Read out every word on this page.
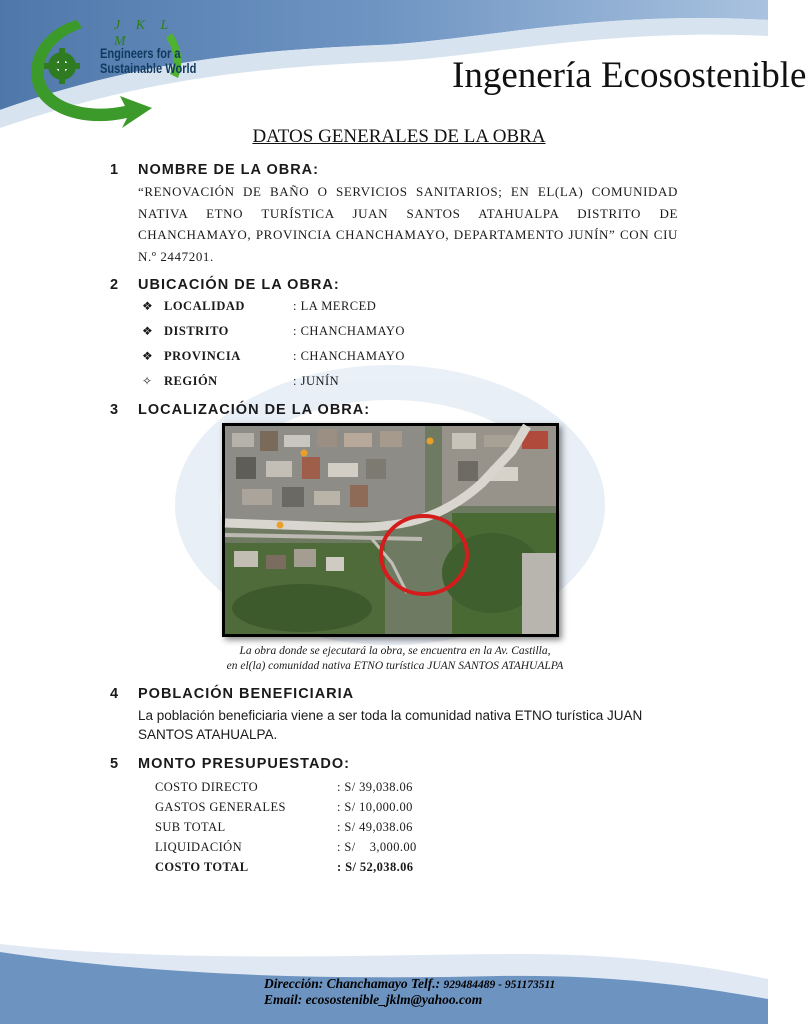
J K L M
Engineers for a
Sustainable World	Ingenería Ecosostenible
DATOS GENERALES DE LA OBRA
1 NOMBRE DE LA OBRA:
“RENOVACIÓN DE BAÑO O SERVICIOS SANITARIOS; EN EL(LA) COMUNIDAD NATIVA ETNO TURÍSTICA JUAN SANTOS ATAHUALPA DISTRITO DE CHANCHAMAYO, PROVINCIA CHANCHAMAYO, DEPARTAMENTO JUNÍN” CON CIU N.º 2447201.
2 UBICACIÓN DE LA OBRA:
❖ LOCALIDAD	: LA MERCED
❖ DISTRITO	: CHANCHAMAYO
❖ PROVINCIA	: CHANCHAMAYO
✧ REGIÓN	: JUNÍN
3 LOCALIZACIÓN DE LA OBRA:
La obra donde se ejecutará la obra, se encuentra en la Av. Castilla,
en el(la) comunidad nativa ETNO turística JUAN SANTOS ATAHUALPA
4 POBLACIÓN BENEFICIARIA
La población beneficiaria viene a ser toda la comunidad nativa ETNO turística JUAN SANTOS ATAHUALPA.
5 MONTO PRESUPUESTADO:
COSTO DIRECTO	: S/ 39,038.06
GASTOS GENERALES	: S/ 10,000.00
SUB TOTAL	: S/ 49,038.06
LIQUIDACIÓN	: S/    3,000.00
COSTO TOTAL	: S/ 52,038.06
Dirección: Chanchamayo Telf.: 929484489 - 951173511
Email: ecosostenible_jklm@yahoo.com
